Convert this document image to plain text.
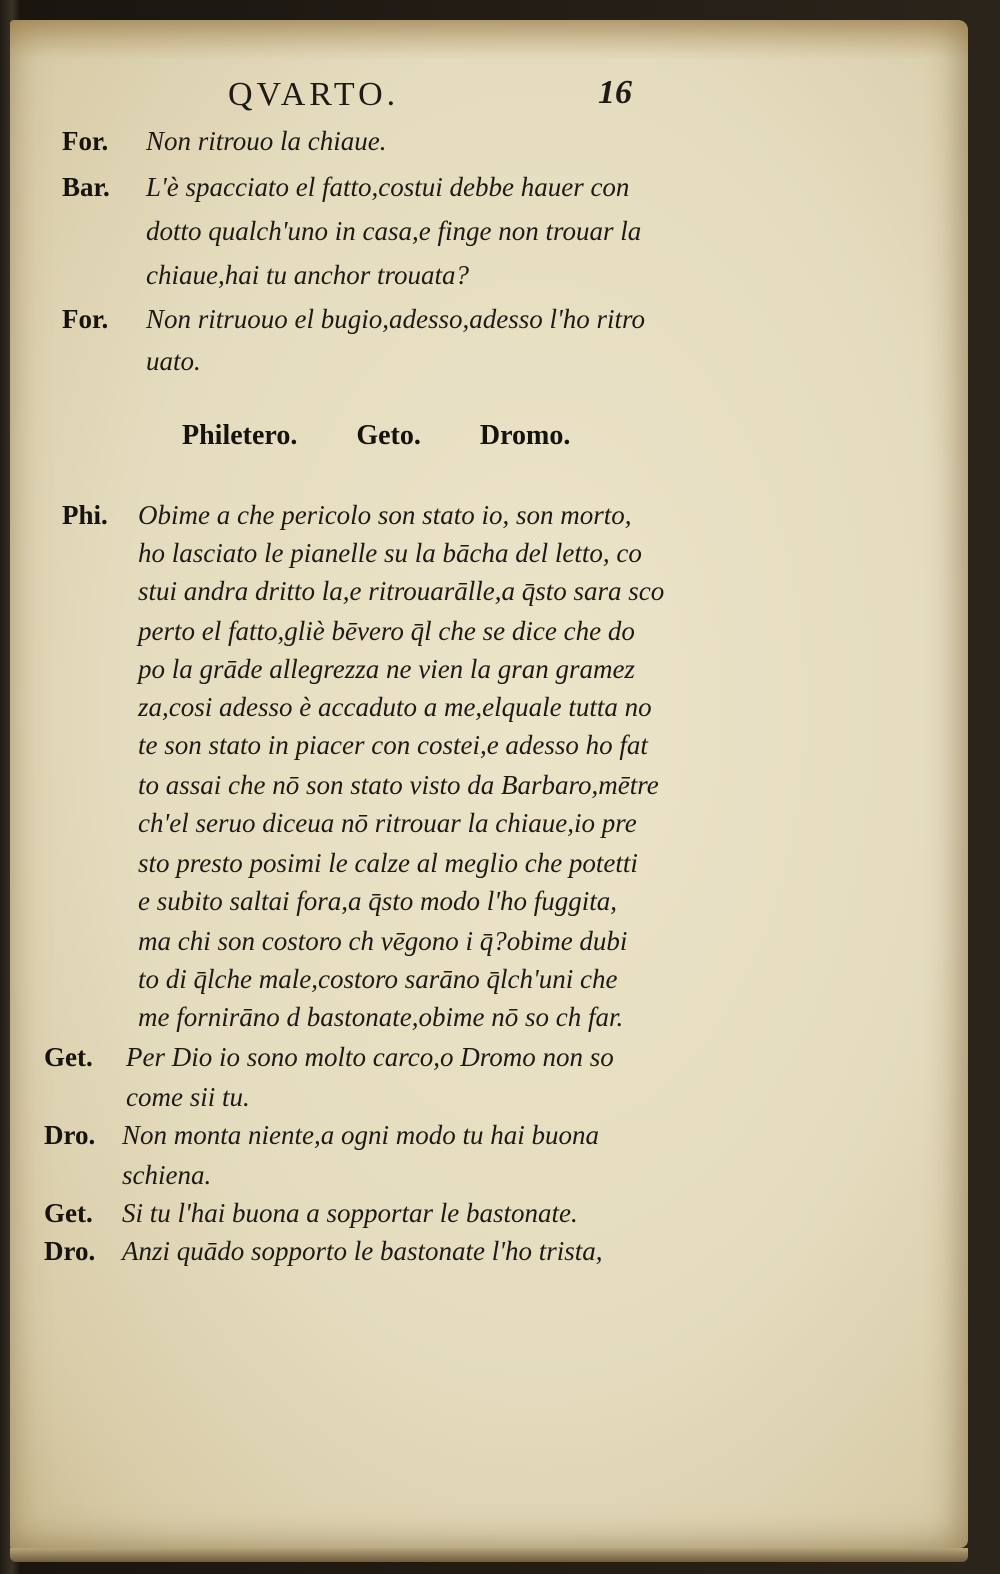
QVARTO.	16
For. Non ritrouo la chiaue.
Bar. L'è spacciato el fatto,costui debbe hauer con
dotto qualch'uno in casa,e finge non trouar la
chiaue,hai tu anchor trouata?
For. Non ritruouo el bugio,adesso,adesso l'ho ritro
uato.
Philetero. Geto. Dromo.
Phi. Obime a che pericolo son stato io, son morto,
ho lasciato le pianelle su la bācha del letto, co
stui andra dritto la,e ritrouarālle,a q̄sto sara sco
perto el fatto,gliè bēvero q̄l che se dice che do
po la grāde allegrezza ne vien la gran gramez
za,cosi adesso è accaduto a me,elquale tutta no
te son stato in piacer con costei,e adesso ho fat
to assai che nō son stato visto da Barbaro,mētre
ch'el seruo diceua nō ritrouar la chiaue,io pre
sto presto posimi le calze al meglio che potetti
e subito saltai fora,a q̄sto modo l'ho fuggita,
ma chi son costoro ch vēgono i q̄?obime dubi
to di q̄lche male,costoro sarāno q̄lch'uni che
me fornirāno d bastonate,obime nō so ch far.
Get. Per Dio io sono molto carco,o Dromo non so
come sii tu.
Dro. Non monta niente,a ogni modo tu hai buona
schiena.
Get. Si tu l'hai buona a sopportar le bastonate.
Dro. Anzi quādo sopporto le bastonate l'ho trista,
